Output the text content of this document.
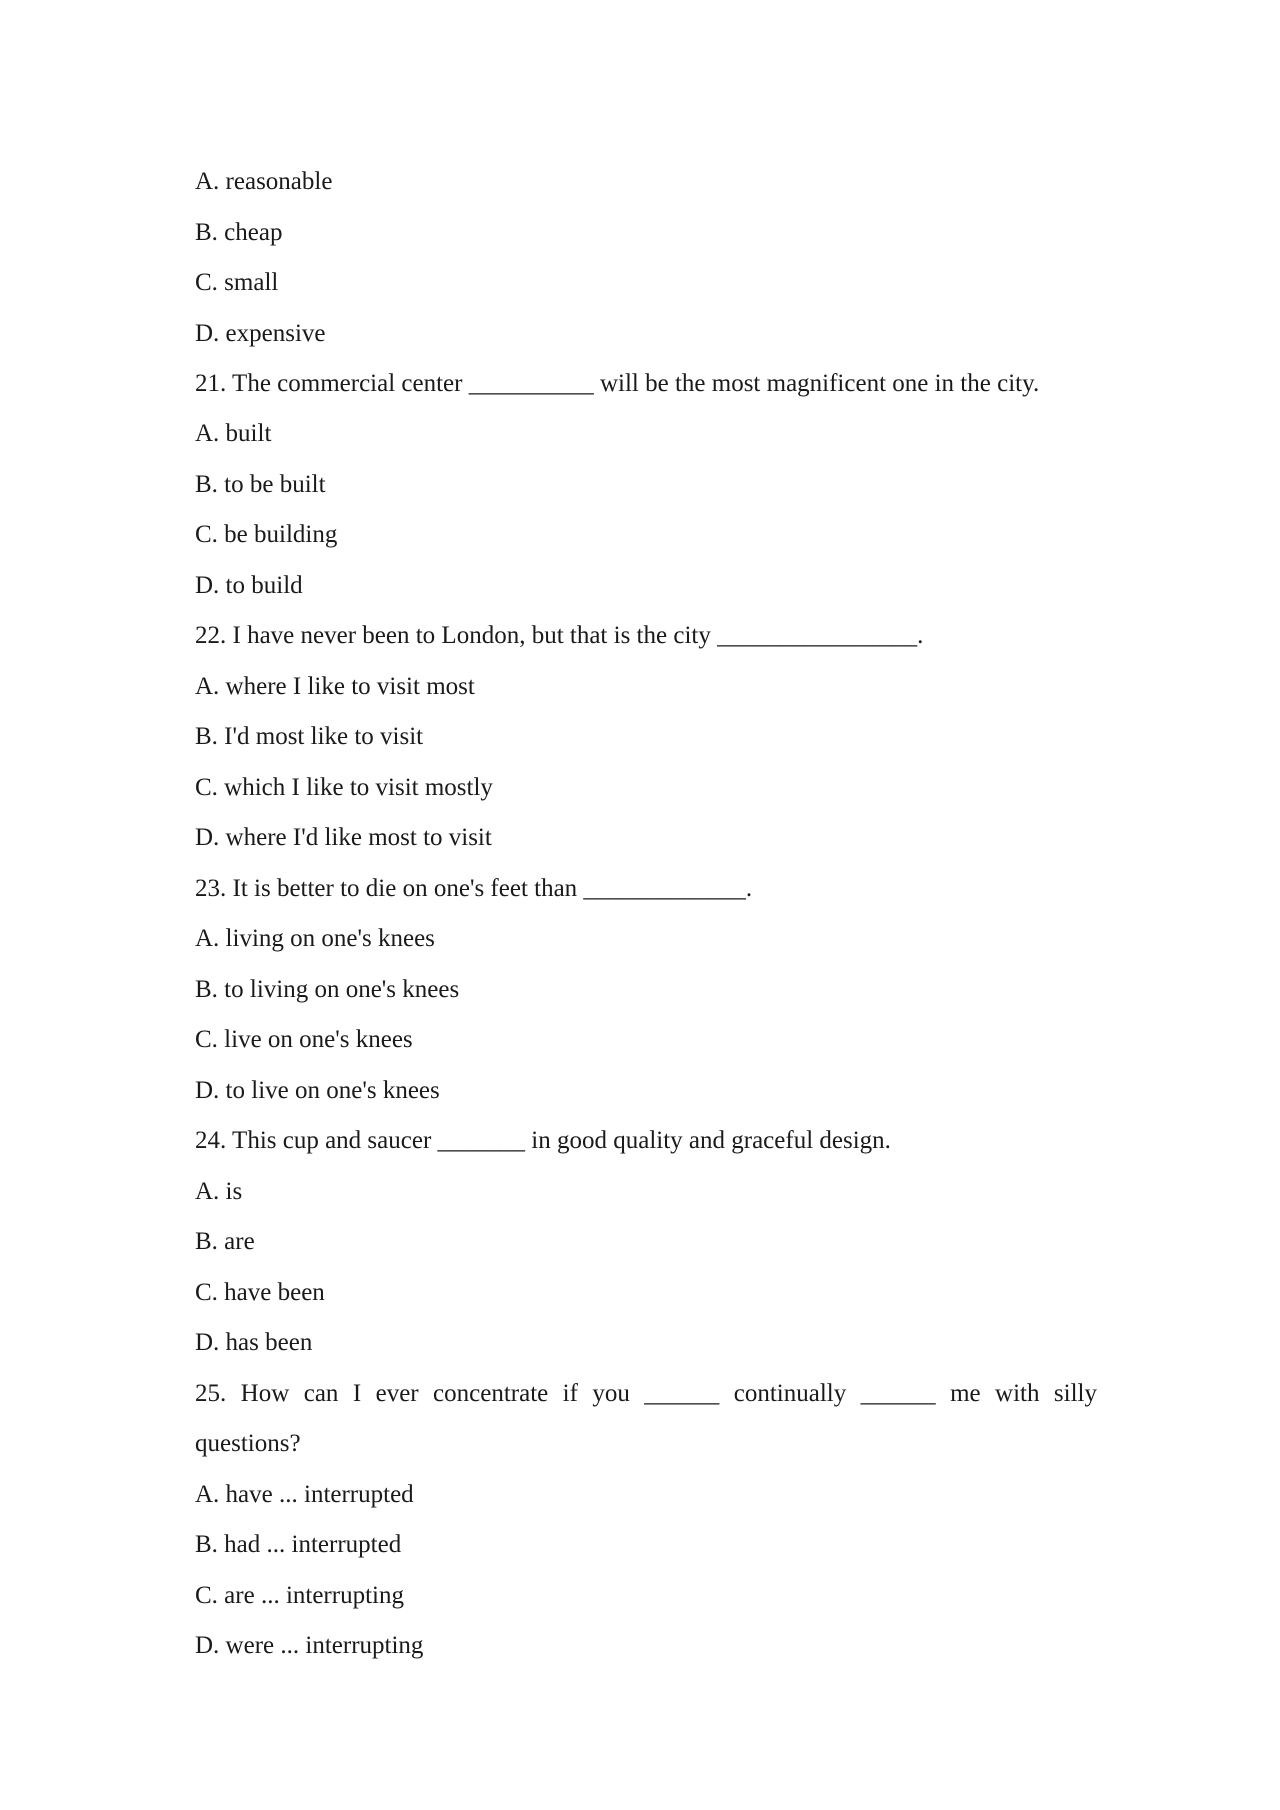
A. reasonable
B. cheap
C. small
D. expensive
21. The commercial center __________ will be the most magnificent one in the city.
A. built
B. to be built
C. be building
D. to build
22. I have never been to London, but that is the city ________________.
A. where I like to visit most
B. I'd most like to visit
C. which I like to visit mostly
D. where I'd like most to visit
23. It is better to die on one's feet than _____________.
A. living on one's knees
B. to living on one's knees
C. live on one's knees
D. to live on one's knees
24. This cup and saucer _______ in good quality and graceful design.
A. is
B. are
C. have been
D. has been
25. How can I ever concentrate if you ______ continually ______ me with silly
questions?
A. have ... interrupted
B. had ... interrupted
C. are ... interrupting
D. were ... interrupting
